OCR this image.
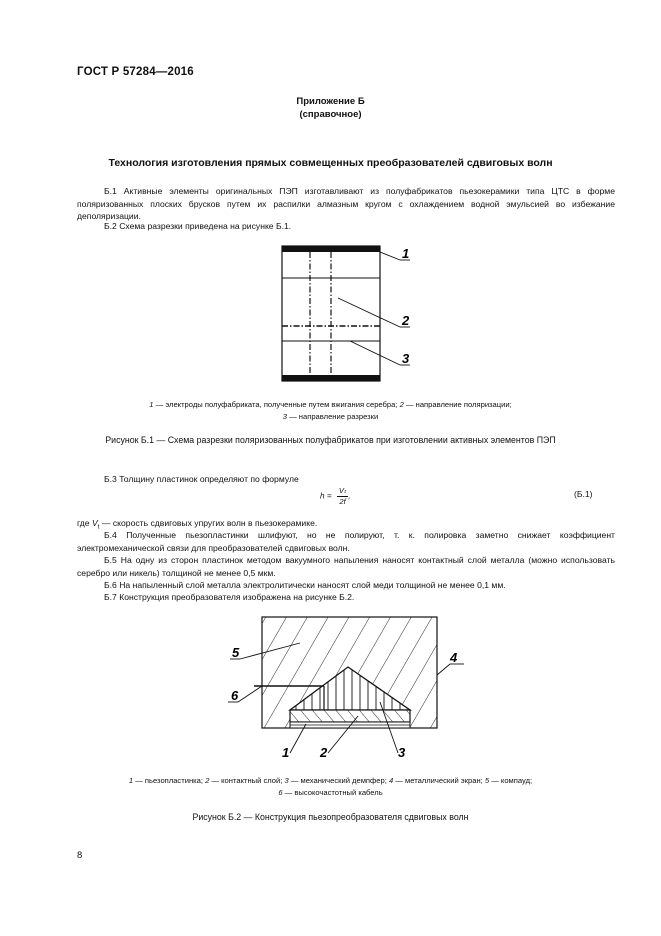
ГОСТ Р 57284—2016
Приложение Б
(справочное)
Технология изготовления прямых совмещенных преобразователей сдвиговых волн
Б.1 Активные элементы оригинальных ПЭП изготавливают из полуфабрикатов пьезокерамики типа ЦТС в форме поляризованных плоских брусков путем их распилки алмазным кругом с охлаждением водной эмульсией во избежание деполяризации.
Б.2 Схема разрезки приведена на рисунке Б.1.
1
2
3
1 — электроды полуфабриката, полученные путем вжигания серебра; 2 — направление поляризации;
3 — направление разрезки
Рисунок Б.1 — Схема разрезки поляризованных полуфабрикатов при изготовлении активных элементов ПЭП
Б.3 Толщину пластинок определяют по формуле
$h = \frac{\text{Vₜ}}{2f}$ ,	(Б.1)
где $V_t$ — скорость сдвиговых упругих волн в пьезокерамике.
Б.4 Полученные пьезопластинки шлифуют, но не полируют, т. к. полировка заметно снижает коэффициент электромеханической связи для преобразователей сдвиговых волн.
Б.5 На одну из сторон пластинок методом вакуумного напыления наносят контактный слой металла (можно использовать серебро или никель) толщиной не менее 0,5 мкм.
Б.6 На напыленный слой металла электролитически наносят слой меди толщиной не менее 0,1 мм.
Б.7 Конструкция преобразователя изображена на рисунке Б.2.
5
6
4
1 2	3
1 — пьезопластинка; 2 — контактный слой; 3 — механический демпфер; 4 — металлический экран; 5 — компауд;
6 — высокочастотный кабель
Рисунок Б.2 — Конструкция пьезопреобразователя сдвиговых волн
8
